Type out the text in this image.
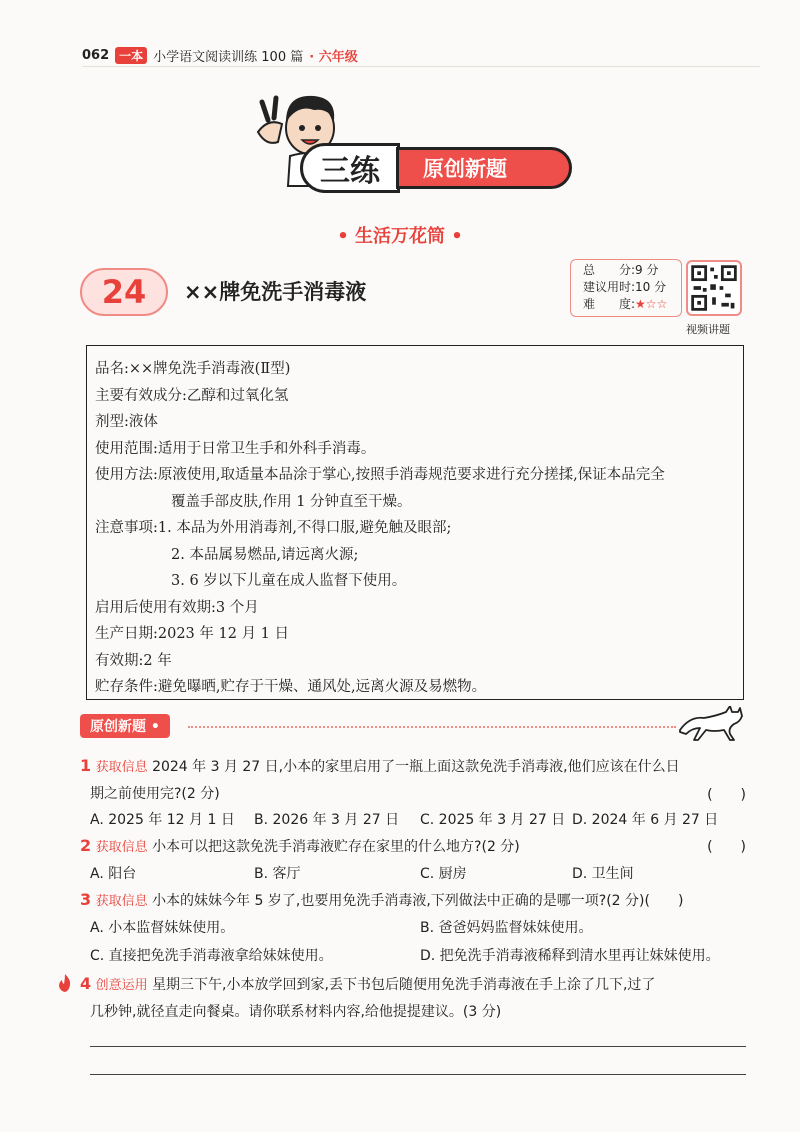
062 一本 小学语文阅读训练 100 篇 · 六年级
三练	原创新题
• 生活万花筒 •
24	××牌免洗手消毒液
总　　分:9 分
建议用时:10 分
难　　度:★☆☆
视频讲题
品名:××牌免洗手消毒液(Ⅱ型)
主要有效成分:乙醇和过氧化氢
剂型:液体
使用范围:适用于日常卫生手和外科手消毒。
使用方法:原液使用,取适量本品涂于掌心,按照手消毒规范要求进行充分搓揉,保证本品完全
覆盖手部皮肤,作用 1 分钟直至干燥。
注意事项:1. 本品为外用消毒剂,不得口服,避免触及眼部;
2. 本品属易燃品,请远离火源;
3. 6 岁以下儿童在成人监督下使用。
启用后使用有效期:3 个月
生产日期:2023 年 12 月 1 日
有效期:2 年
贮存条件:避免曝晒,贮存于干燥、通风处,远离火源及易燃物。
原创新题 •
1 获取信息 2024 年 3 月 27 日,小本的家里启用了一瓶上面这款免洗手消毒液,他们应该在什么日
期之前使用完?(2 分)	(　　)
A. 2025 年 12 月 1 日 B. 2026 年 3 月 27 日 C. 2025 年 3 月 27 日 D. 2024 年 6 月 27 日
2 获取信息 小本可以把这款免洗手消毒液贮存在家里的什么地方?(2 分)	(　　)
A. 阳台	B. 客厅	C. 厨房	D. 卫生间
3 获取信息 小本的妹妹今年 5 岁了,也要用免洗手消毒液,下列做法中正确的是哪一项?(2 分)(　　)
A. 小本监督妹妹使用。	B. 爸爸妈妈监督妹妹使用。
C. 直接把免洗手消毒液拿给妹妹使用。	D. 把免洗手消毒液稀释到清水里再让妹妹使用。
4 创意运用 星期三下午,小本放学回到家,丢下书包后随便用免洗手消毒液在手上涂了几下,过了
几秒钟,就径直走向餐桌。请你联系材料内容,给他提提建议。(3 分)
